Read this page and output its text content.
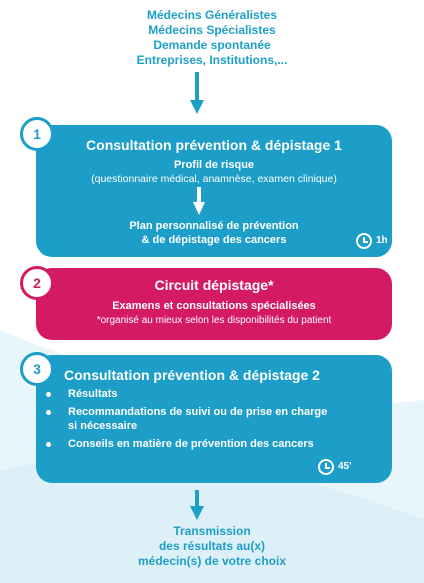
Médecins Généralistes
Médecins Spécialistes
Demande spontanée
Entreprises, Institutions,...
1
Consultation prévention & dépistage 1
Profil de risque
(questionnaire médical, anamnèse, examen clinique)
Plan personnalisé de prévention
& de dépistage des cancers	1h
2	Circuit dépistage*
Examens et consultations spécialisées
*organisé au mieux selon les disponibilités du patient
3	Consultation prévention & dépistage 2
Résultats
Recommandations de suivi ou de prise en charge si nécessaire
Conseils en matière de prévention des cancers
45'
Transmission
des résultats au(x)
médecin(s) de votre choix
